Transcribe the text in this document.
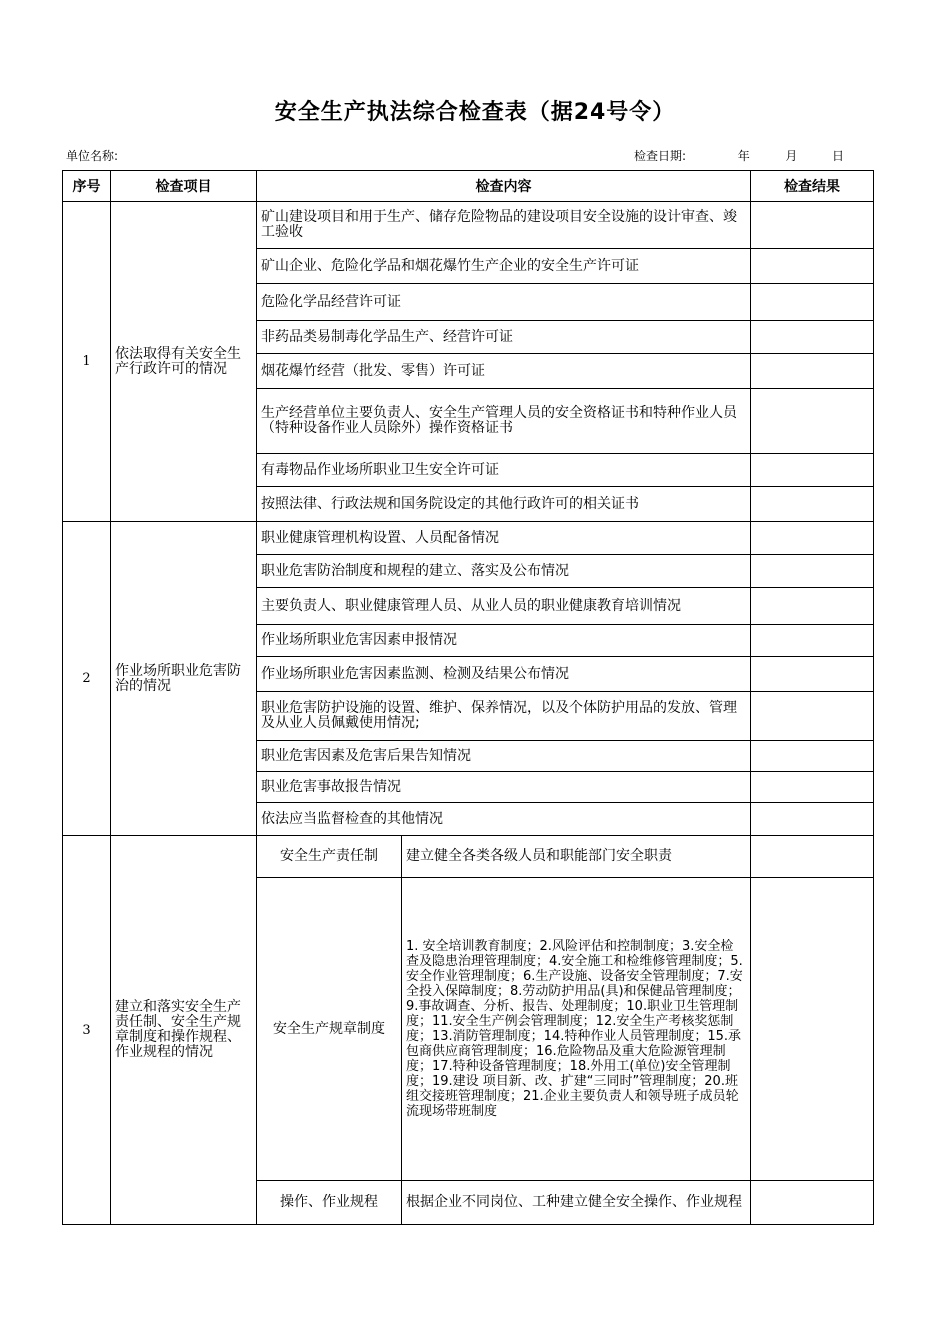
安全生产执法综合检查表（据24号令）
单位名称:	检查日期:	年	月	日
序号	检查项目	检查内容		检查结果
1	依法取得有关安全生产行政许可的情况	矿山建设项目和用于生产、储存危险物品的建设项目安全设施的设计审查、竣工验收		
		矿山企业、危险化学品和烟花爆竹生产企业的安全生产许可证		
		危险化学品经营许可证		
		非药品类易制毒化学品生产、经营许可证		
		烟花爆竹经营（批发、零售）许可证		
		生产经营单位主要负责人、安全生产管理人员的安全资格证书和特种作业人员（特种设备作业人员除外）操作资格证书		
		有毒物品作业场所职业卫生安全许可证		
		按照法律、行政法规和国务院设定的其他行政许可的相关证书		
2	作业场所职业危害防治的情况	职业健康管理机构设置、人员配备情况		
		职业危害防治制度和规程的建立、落实及公布情况		
		主要负责人、职业健康管理人员、从业人员的职业健康教育培训情况		
		作业场所职业危害因素申报情况		
		作业场所职业危害因素监测、检测及结果公布情况		
		职业危害防护设施的设置、维护、保养情况，以及个体防护用品的发放、管理及从业人员佩戴使用情况;		
		职业危害因素及危害后果告知情况		
		职业危害事故报告情况		
		依法应当监督检查的其他情况		
3	建立和落实安全生产责任制、安全生产规章制度和操作规程、作业规程的情况	安全生产责任制	建立健全各类各级人员和职能部门安全职责	
		安全生产规章制度	1. 安全培训教育制度；2.风险评估和控制制度；3.安全检查及隐患治理管理制度；4.安全施工和检维修管理制度；5.安全作业管理制度；6.生产设施、设备安全管理制度；7.安全投入保障制度；8.劳动防护用品(具)和保健品管理制度；9.事故调查、分析、报告、处理制度；10.职业卫生管理制度；11.安全生产例会管理制度；12.安全生产考核奖惩制度；13.消防管理制度；14.特种作业人员管理制度；15.承包商供应商管理制度；16.危险物品及重大危险源管理制度；17.特种设备管理制度；18.外用工(单位)安全管理制度；19.建设 项目新、改、扩建“三同时”管理制度；20.班组交接班管理制度；21.企业主要负责人和领导班子成员轮流现场带班制度	
		操作、作业规程	根据企业不同岗位、工种建立健全安全操作、作业规程	
